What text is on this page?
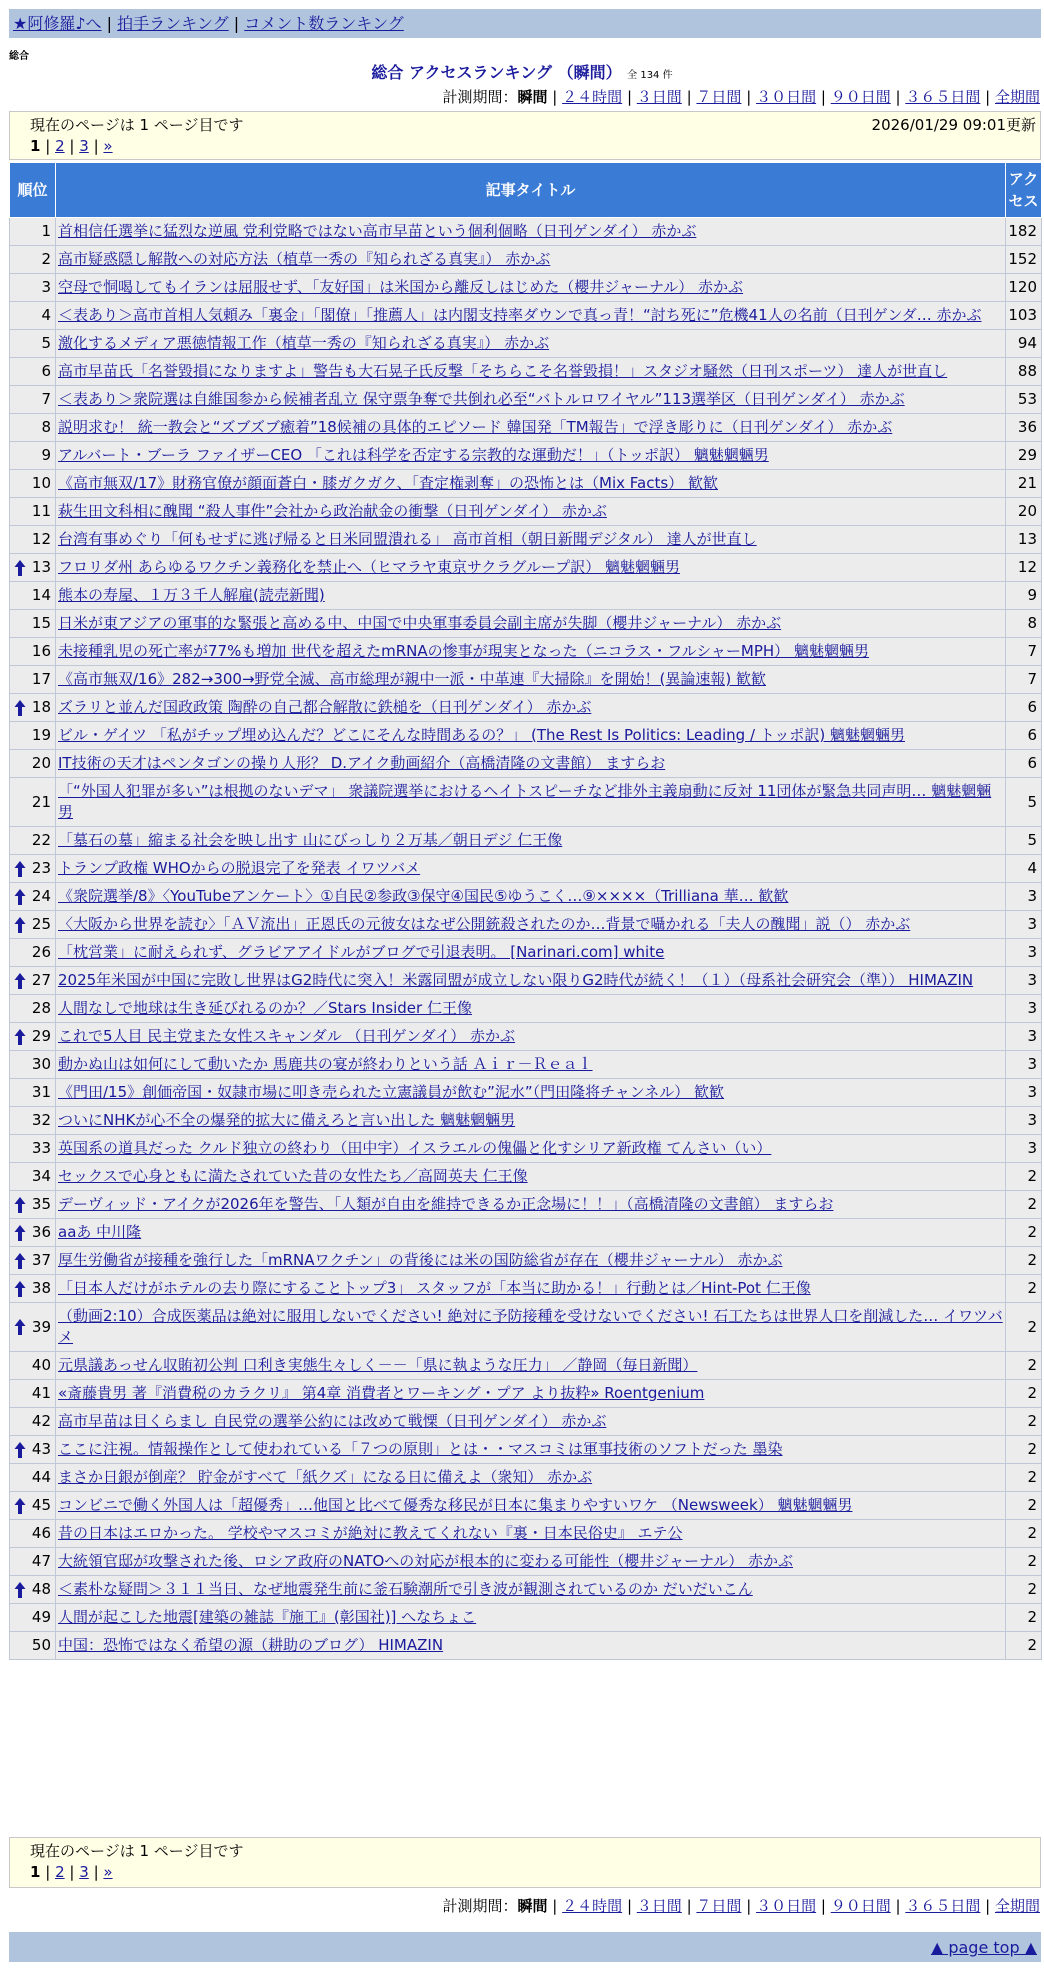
★阿修羅♪へ | 拍手ランキング | コメント数ランキング
総合
総合 アクセスランキング （瞬間） 全 134 件
計測期間：瞬間 | ２４時間 | ３日間 | ７日間 | ３０日間 | ９０日間 | ３６５日間 | 全期間
現在のページは 1 ページ目です	2026/01/29 09:01更新
1 | 2 | 3 | »
順位	記事タイトル	アクセス
1	首相信任選挙に猛烈な逆風 党利党略ではない高市早苗という個利個略（日刊ゲンダイ） 赤かぶ	182
2	高市疑惑隠し解散への対応方法（植草一秀の『知られざる真実』） 赤かぶ	152
3	空母で恫喝してもイランは屈服せず、「友好国」は米国から離反しはじめた（櫻井ジャーナル） 赤かぶ	120
4	＜表あり＞高市首相人気頼み「裏金」「閣僚」「推薦人」は内閣支持率ダウンで真っ青！“討ち死に”危機41人の名前（日刊ゲンダ… 赤かぶ	103
5	激化するメディア悪徳情報工作（植草一秀の『知られざる真実』） 赤かぶ	94
6	高市早苗氏「名誉毀損になりますよ」警告も大石晃子氏反撃「そちらこそ名誉毀損！」スタジオ騒然（日刊スポーツ） 達人が世直し	88
7	＜表あり＞衆院選は自維国参から候補者乱立 保守票争奪で共倒れ必至“バトルロワイヤル”113選挙区（日刊ゲンダイ） 赤かぶ	53
8	説明求む！ 統一教会と“ズブズブ癒着”18候補の具体的エピソード 韓国発「TM報告」で浮き彫りに（日刊ゲンダイ） 赤かぶ	36
9	アルバート・ブーラ ファイザーCEO 「これは科学を否定する宗教的な運動だ！」（トッポ訳） 魑魅魍魎男	29
10	《高市無双/17》財務官僚が顔面蒼白・膝ガクガク、「査定権剥奪」の恐怖とは（Mix Facts） 歓歓	21
11	萩生田文科相に醜聞 “殺人事件”会社から政治献金の衝撃（日刊ゲンダイ） 赤かぶ	20
12	台湾有事めぐり「何もせずに逃げ帰ると日米同盟潰れる」 高市首相（朝日新聞デジタル） 達人が世直し	13

13	フロリダ州 あらゆるワクチン義務化を禁止へ（ヒマラヤ東京サクラグループ訳） 魑魅魍魎男	12
14	熊本の寿屋、１万３千人解雇(読売新聞)	9
15	日米が東アジアの軍事的な緊張と高める中、中国で中央軍事委員会副主席が失脚（櫻井ジャーナル） 赤かぶ	8
16	未接種乳児の死亡率が77%も増加 世代を超えたmRNAの惨事が現実となった（ニコラス・フルシャーMPH） 魑魅魍魎男	7
17	《高市無双/16》282→300→野党全滅、高市総理が親中一派・中革連『大掃除』を開始！(異論速報) 歓歓	7

18	ズラリと並んだ国政政策 陶酔の自己都合解散に鉄槌を（日刊ゲンダイ） 赤かぶ	6
19	ビル・ゲイツ 「私がチップ埋め込んだ？どこにそんな時間あるの？」 (The Rest Is Politics: Leading / トッポ訳) 魑魅魍魎男	6
20	IT技術の天才はペンタゴンの操り人形？ D.アイク動画紹介（高橋清隆の文書館） ますらお	6
21	「“外国人犯罪が多い”は根拠のないデマ」 衆議院選挙におけるヘイトスピーチなど排外主義扇動に反対 11団体が緊急共同声明… 魑魅魍魎男	5
22	「墓石の墓」縮まる社会を映し出す 山にびっしり２万基／朝日デジ 仁王像	5

23	トランプ政権 WHOからの脱退完了を発表 イワツバメ	4

24	《衆院選挙/8》〈YouTubeアンケート〉①自民②参政③保守④国民⑤ゆうこく…⑨××××（Trilliana 華… 歓歓	3

25	〈大阪から世界を読む〉「ＡＶ流出」正恩氏の元彼女はなぜ公開銃殺されたのか…背景で囁かれる「夫人の醜聞」説（） 赤かぶ	3
26	「枕営業」に耐えられず、グラビアアイドルがブログで引退表明。 [Narinari.com] white	3

27	2025年米国が中国に完敗し世界はG2時代に突入！米露同盟が成立しない限りG2時代が続く！（１）（母系社会研究会（準）） HIMAZIN	3
28	人間なしで地球は生き延びれるのか？／Stars Insider 仁王像	3

29	これで5人目 民主党また女性スキャンダル （日刊ゲンダイ） 赤かぶ	3
30	動かぬ山は如何にして動いたか 馬鹿共の宴が終わりという話 Ａｉｒ－Ｒｅａｌ	3
31	《門田/15》創価帝国・奴隷市場に叩き売られた立憲議員が飲む”泥水”（門田隆将チャンネル） 歓歓	3
32	ついにNHKが心不全の爆発的拡大に備えろと言い出した 魑魅魍魎男	3
33	英国系の道具だった クルド独立の終わり（田中宇）イスラエルの傀儡と化すシリア新政権 てんさい（い）	3
34	セックスで心身ともに満たされていた昔の女性たち／高岡英夫 仁王像	2

35	デーヴィッド・アイクが2026年を警告、「人類が自由を維持できるか正念場に！！」（高橋清隆の文書館） ますらお	2

36	aaあ 中川隆	2

37	厚生労働省が接種を強行した「mRNAワクチン」の背後には米の国防総省が存在（櫻井ジャーナル） 赤かぶ	2

38	「日本人だけがホテルの去り際にすることトップ3」 スタッフが「本当に助かる！」行動とは／Hint-Pot 仁王像	2

39	（動画2:10）合成医薬品は絶対に服用しないでください! 絶対に予防接種を受けないでください! 石工たちは世界人口を削減した… イワツバメ	2
40	元県議あっせん収賄初公判 口利き実態生々しく－－「県に執ような圧力」 ／静岡（毎日新聞）	2
41	«斎藤貴男 著『消費税のカラクリ』 第4章 消費者とワーキング・プア より抜粋» Roentgenium	2
42	高市早苗は目くらまし 自民党の選挙公約には改めて戦慄（日刊ゲンダイ） 赤かぶ	2

43	ここに注視。情報操作として使われている「７つの原則」とは・・マスコミは軍事技術のソフトだった 墨染	2
44	まさか日銀が倒産？ 貯金がすべて「紙クズ」になる日に備えよ（衆知） 赤かぶ	2

45	コンビニで働く外国人は「超優秀」…他国と比べて優秀な移民が日本に集まりやすいワケ （Newsweek） 魑魅魍魎男	2
46	昔の日本はエロかった。 学校やマスコミが絶対に教えてくれない『裏・日本民俗史』 エテ公	2
47	大統領官邸が攻撃された後、ロシア政府のNATOへの対応が根本的に変わる可能性（櫻井ジャーナル） 赤かぶ	2

48	＜素朴な疑問＞３１１当日、なぜ地震発生前に釜石験潮所で引き波が観測されているのか だいだいこん	2
49	人間が起こした地震[建築の雑誌『施工』(彰国社)] へなちょこ	2
50	中国：恐怖ではなく希望の源（耕助のブログ） HIMAZIN	2
現在のページは 1 ページ目です
1 | 2 | 3 | »
計測期間：瞬間 | ２４時間 | ３日間 | ７日間 | ３０日間 | ９０日間 | ３６５日間 | 全期間
▲ page top ▲
